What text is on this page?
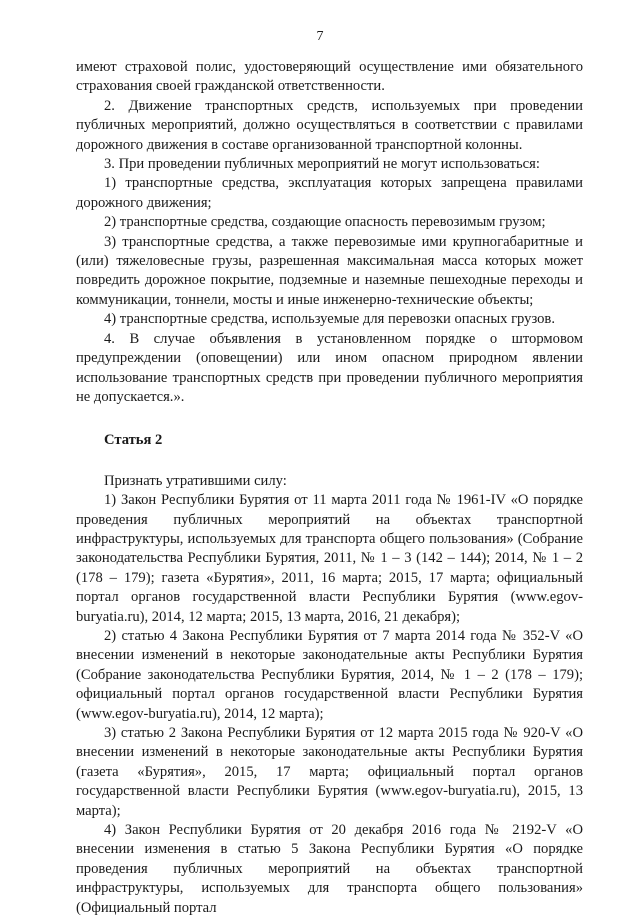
7

имеют страховой полис, удостоверяющий осуществление ими обязательного страхования своей гражданской ответственности.

2. Движение транспортных средств, используемых при проведении публичных мероприятий, должно осуществляться в соответствии с правилами дорожного движения в составе организованной транспортной колонны.

3. При проведении публичных мероприятий не могут использоваться:

1) транспортные средства, эксплуатация которых запрещена правилами дорожного движения;

2) транспортные средства, создающие опасность перевозимым грузом;

3) транспортные средства, а также перевозимые ими крупногабаритные и (или) тяжеловесные грузы, разрешенная максимальная масса которых может повредить дорожное покрытие, подземные и наземные пешеходные переходы и коммуникации, тоннели, мосты и иные инженерно-технические объекты;

4) транспортные средства, используемые для перевозки опасных грузов.

4. В случае объявления в установленном порядке о штормовом предупреждении (оповещении) или ином опасном природном явлении использование транспортных средств при проведении публичного мероприятия не допускается.».

Статья 2

Признать утратившими силу:

1) Закон Республики Бурятия от 11 марта 2011 года № 1961-IV «О порядке проведения публичных мероприятий на объектах транспортной инфраструктуры, используемых для транспорта общего пользования» (Собрание законодательства Республики Бурятия, 2011, № 1 – 3 (142 – 144); 2014, № 1 – 2 (178 – 179); газета «Бурятия», 2011, 16 марта; 2015, 17 марта; официальный портал органов государственной власти Республики Бурятия (www.egov-buryatia.ru), 2014, 12 марта; 2015, 13 марта, 2016, 21 декабря);

2) статью 4 Закона Республики Бурятия от 7 марта 2014 года № 352-V «О внесении изменений в некоторые законодательные акты Республики Бурятия (Собрание законодательства Республики Бурятия, 2014, № 1 – 2 (178 – 179); официальный портал органов государственной власти Республики Бурятия (www.egov-buryatia.ru), 2014, 12 марта);

3) статью 2 Закона Республики Бурятия от 12 марта 2015 года № 920-V «О внесении изменений в некоторые законодательные акты Республики Бурятия (газета «Бурятия», 2015, 17 марта; официальный портал органов государственной власти Республики Бурятия (www.egov-buryatia.ru), 2015, 13 марта);

4) Закон Республики Бурятия от 20 декабря 2016 года № 2192-V «О внесении изменения в статью 5 Закона Республики Бурятия «О порядке проведения публичных мероприятий на объектах транспортной инфраструктуры, используемых для транспорта общего пользования» (Официальный портал
